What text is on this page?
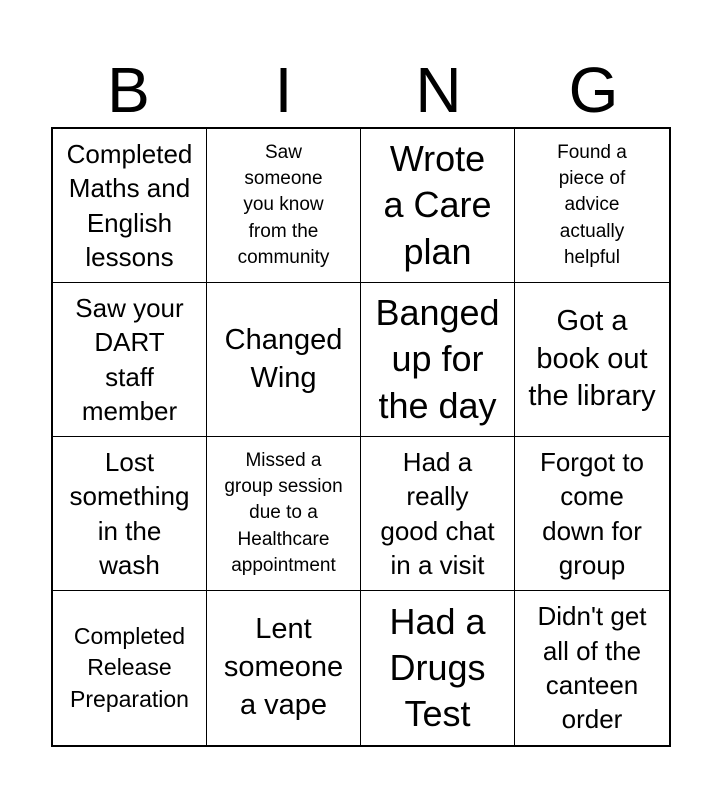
B	I	N	G
Completed
Maths and
English
lessons
Saw
someone
you know
from the
community
Wrote
a Care
plan
Found a
piece of
advice
actually
helpful
Saw your
DART
staff
member
Changed
Wing
Banged
up for
the day
Got a
book out
the library
Lost
something
in the
wash
Missed a
group session
due to a
Healthcare
appointment
Had a
really
good chat
in a visit
Forgot to
come
down for
group
Completed
Release
Preparation
Lent
someone
a vape
Had a
Drugs
Test
Didn't get
all of the
canteen
order
